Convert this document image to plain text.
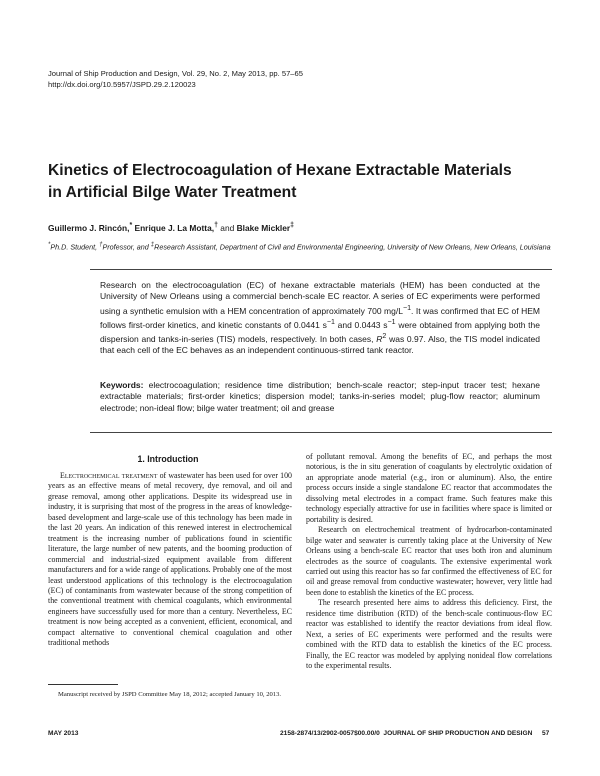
Journal of Ship Production and Design, Vol. 29, No. 2, May 2013, pp. 57–65
http://dx.doi.org/10.5957/JSPD.29.2.120023
Kinetics of Electrocoagulation of Hexane Extractable Materials
in Artificial Bilge Water Treatment
Guillermo J. Rincón,* Enrique J. La Motta,† and Blake Mickler‡
*Ph.D. Student, †Professor, and ‡Research Assistant, Department of Civil and Environmental Engineering, University of New Orleans, New Orleans, Louisiana
Research on the electrocoagulation (EC) of hexane extractable materials (HEM) has been conducted at the University of New Orleans using a commercial bench-scale EC reactor. A series of EC experiments were performed using a synthetic emulsion with a HEM concentration of approximately 700 $mg/L^{-1}$. It was confirmed that EC of HEM follows first-order kinetics, and kinetic constants of 0.0441 $s^{-1}$ and 0.0443 $s^{-1}$ were obtained from applying both the dispersion and tanks-in-series (TIS) models, respectively. In both cases, $R^2$ was 0.97. Also, the TIS model indicated that each cell of the EC behaves as an independent continuous-stirred tank reactor.
Keywords: electrocoagulation; residence time distribution; bench-scale reactor; step-input tracer test; hexane extractable materials; first-order kinetics; dispersion model; tanks-in-series model; plug-flow reactor; aluminum electrode; non-ideal flow; bilge water treatment; oil and grease
1. Introduction

Electrochemical treatment of wastewater has been used for over 100 years as an effective means of metal recovery, dye removal, and oil and grease removal, among other applications. Despite its widespread use in industry, it is surprising that most of the progress in the areas of knowledge-based development and large-scale use of this technology has been made in the last 20 years. An indication of this renewed interest in electrochemical treatment is the increasing number of publications found in scientific literature, the large number of new patents, and the booming production of commercial and industrial-sized equipment available from different manufacturers and for a wide range of applications. Probably one of the most least understood applications of this technology is the electrocoagulation (EC) of contaminants from wastewater because of the strong competition of the conventional treatment with chemical coagulants, which environmental engineers have successfully used for more than a century. Nevertheless, EC treatment is now being accepted as a convenient, efficient, economical, and compact alternative to conventional chemical coagulation and other traditional methods

of pollutant removal. Among the benefits of EC, and perhaps the most notorious, is the in situ generation of coagulants by electrolytic oxidation of an appropriate anode material (e.g., iron or aluminum). Also, the entire process occurs inside a single standalone EC reactor that accommodates the dissolving metal electrodes in a compact frame. Such features make this technology especially attractive for use in facilities where space is limited or portability is desired.

Research on electrochemical treatment of hydrocarbon-contaminated bilge water and seawater is currently taking place at the University of New Orleans using a bench-scale EC reactor that uses both iron and aluminum electrodes as the source of coagulants. The extensive experimental work carried out using this reactor has so far confirmed the effectiveness of EC for oil and grease removal from conductive wastewater; however, very little had been done to establish the kinetics of the EC process.

The research presented here aims to address this deficiency. First, the residence time distribution (RTD) of the bench-scale continuous-flow EC reactor was established to identify the reactor deviations from ideal flow. Next, a series of EC experiments were performed and the results were combined with the RTD data to establish the kinetics of the EC process. Finally, the EC reactor was modeled by applying nonideal flow correlations to the experimental results.

Manuscript received by JSPD Committee May 18, 2012; accepted January 10, 2013.
MAY 2013	2158-2874/13/2902-0057$00.00/0 JOURNAL OF SHIP PRODUCTION AND DESIGN 57
